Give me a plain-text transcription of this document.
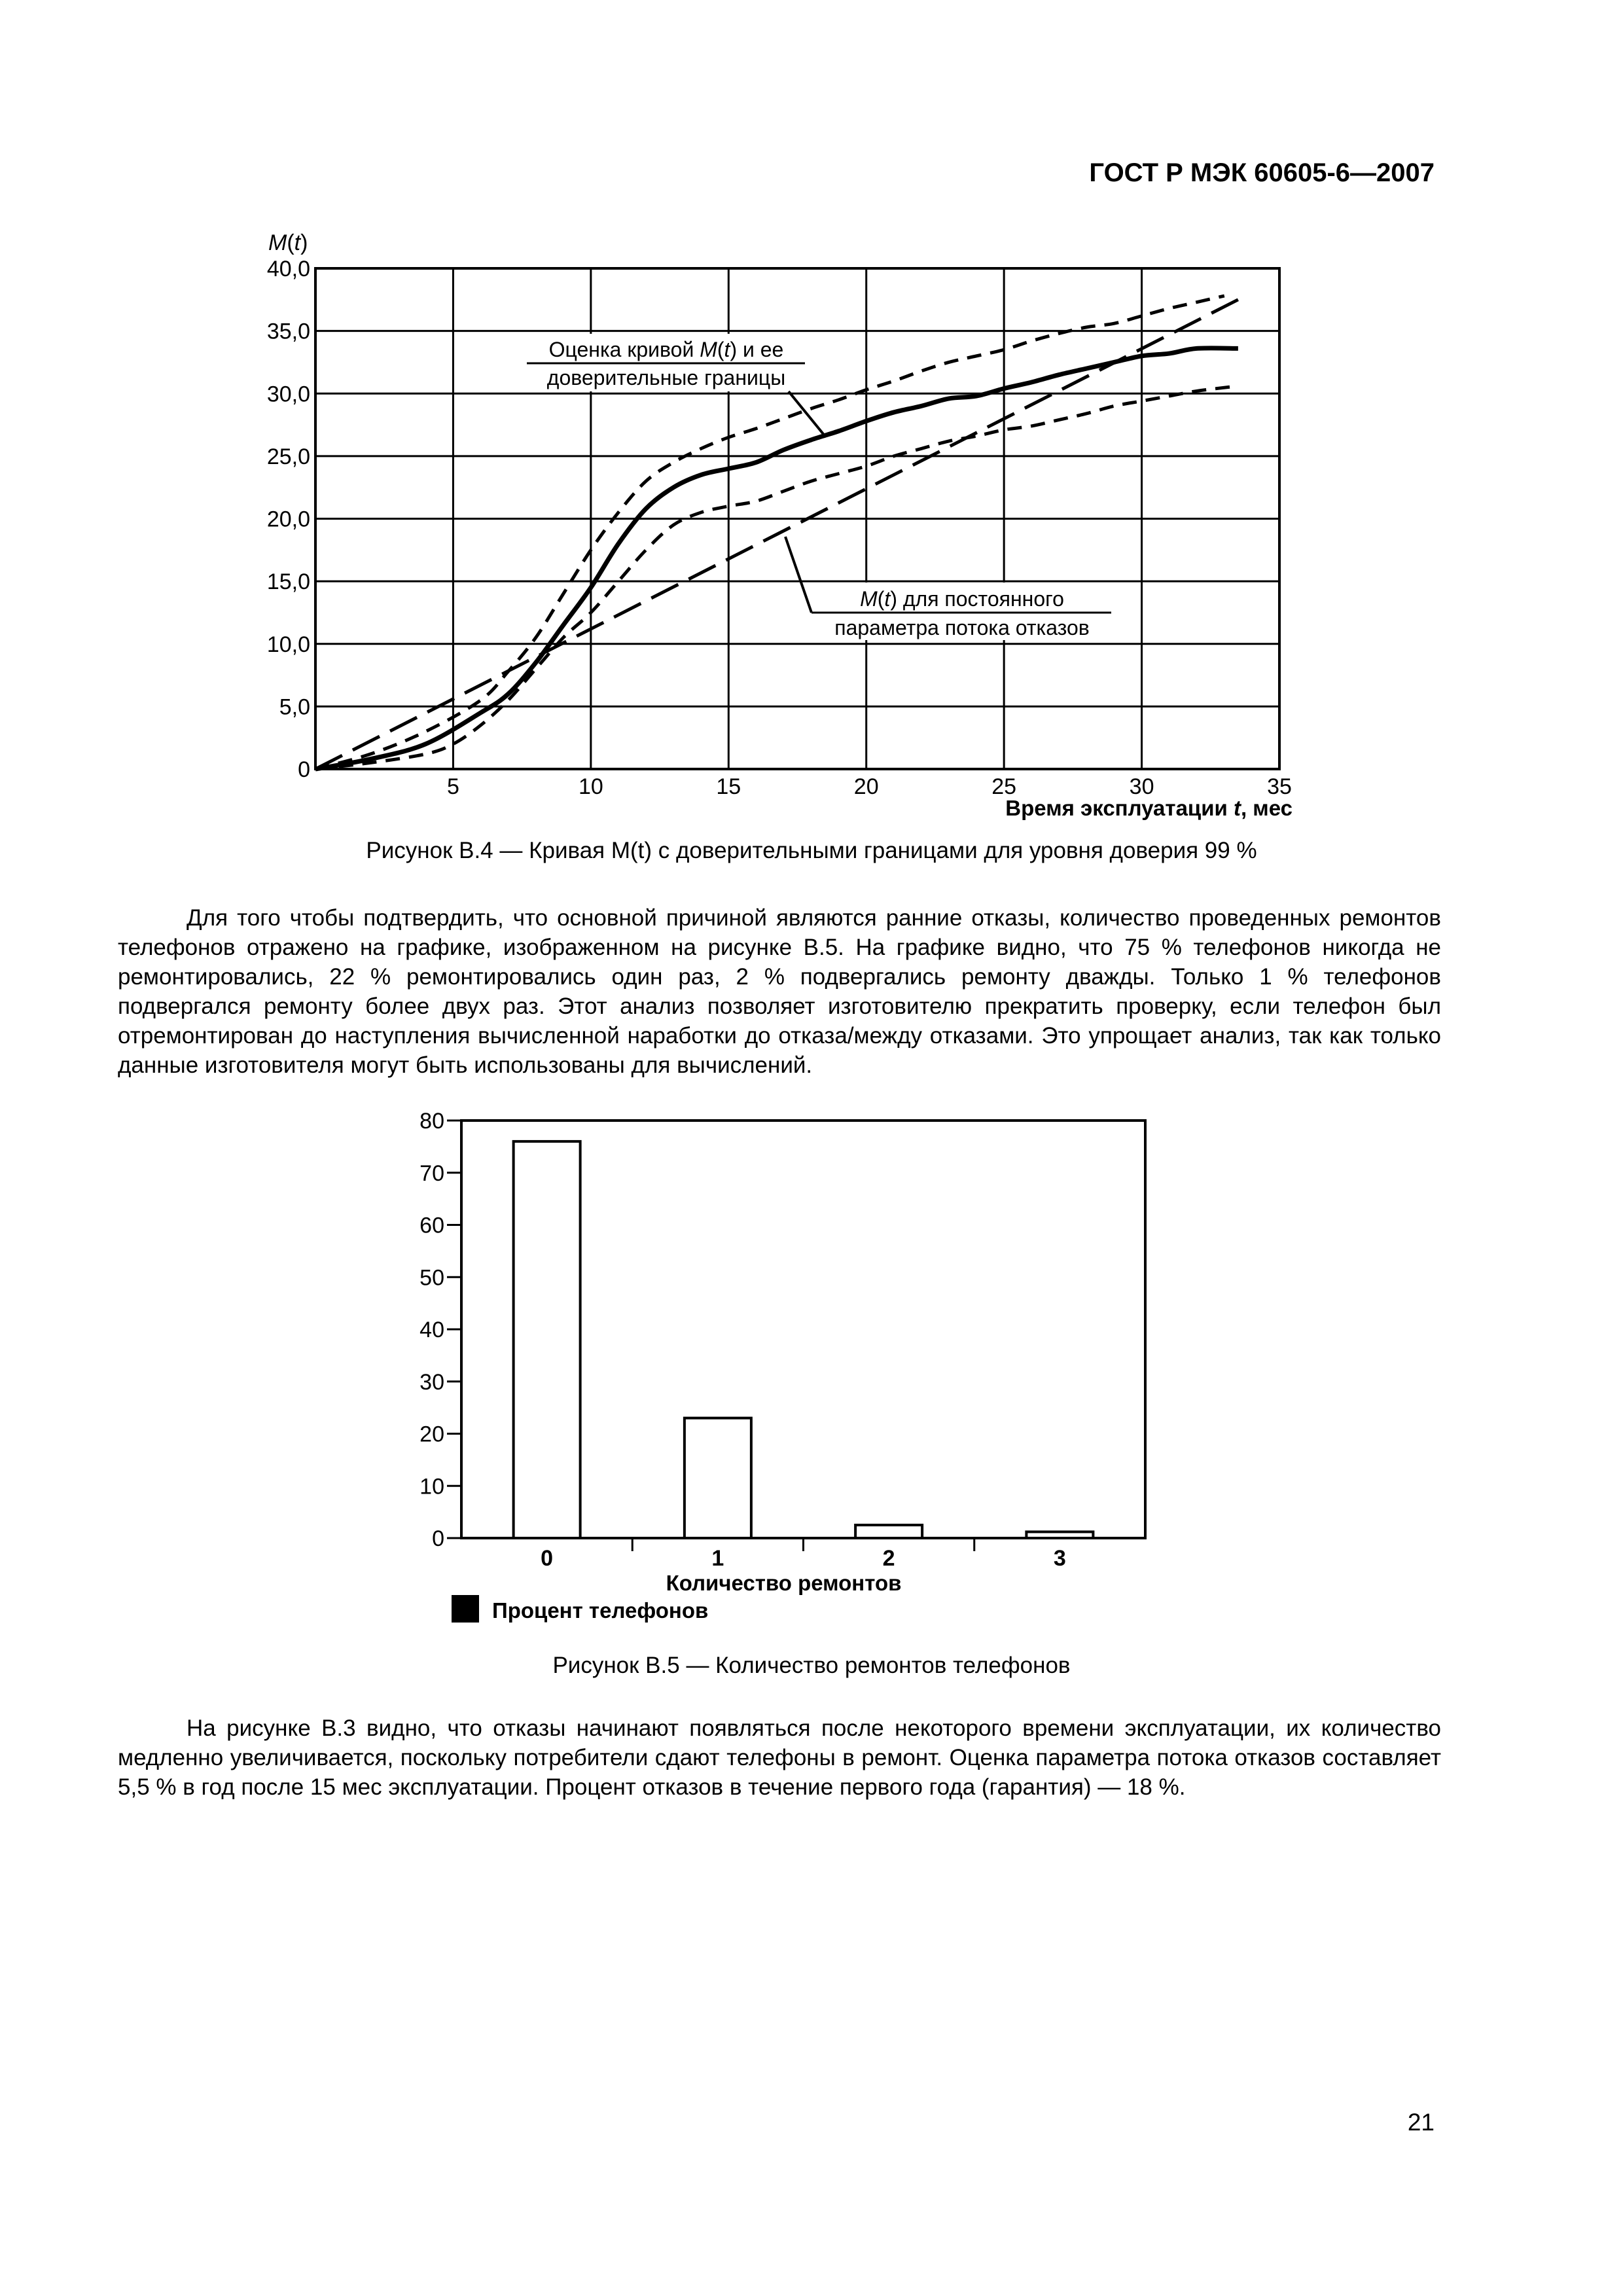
ГОСТ Р МЭК 60605-6—2007
0
5,0
10,0
15,0
20,0
25,0
30,0
35,0
40,0
5	10	15	20	25	30	35
M(t)
Время эксплуатации t, мес
Оценка кривой M(t) и ее
доверительные границы
M(t) для постоянного
параметра потока отказов
Рисунок В.4 — Кривая M(t) с доверительными границами для уровня доверия 99 %

Для того чтобы подтвердить, что основной причиной являются ранние отказы, количество проведенных ремонтов телефонов отражено на графике, изображенном на рисунке В.5. На графике видно, что 75 % телефонов никогда не ремонтировались, 22 % ремонтировались один раз, 2 % подвергались ремонту дважды. Только 1 % телефонов подвергался ремонту более двух раз. Этот анализ позволяет изготовителю прекратить проверку, если телефон был отремонтирован до наступления вычисленной наработки до отказа/между отказами. Это упрощает анализ, так как только данные изготовителя могут быть использованы для вычислений.

0
10
20
30
40
50
60
70
80
0	1	2	3
Количество ремонтов
Процент телефонов
Рисунок В.5 — Количество ремонтов телефонов

На рисунке В.3 видно, что отказы начинают появляться после некоторого времени эксплуатации, их количество медленно увеличивается, поскольку потребители сдают телефоны в ремонт. Оценка параметра потока отказов составляет 5,5 % в год после 15 мес эксплуатации. Процент отказов в течение первого года (гарантия) — 18 %.

21
